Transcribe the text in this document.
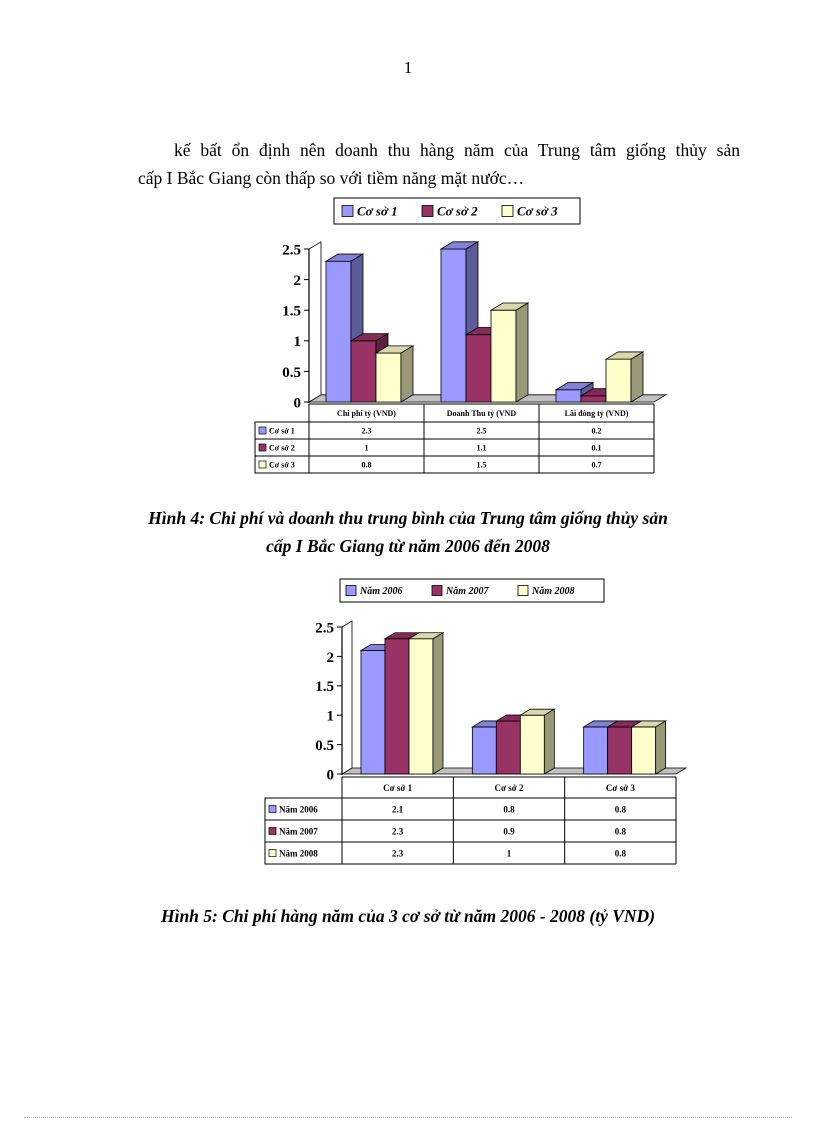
1
kế bất ổn định nên doanh thu hàng năm của Trung tâm giống thủy sản
cấp I Bắc Giang còn thấp so với tiềm năng mặt nước…
Cơ sở 1	Cơ sở 2	Cơ sở 3
0
0.5
1
1.5
2
2.5
Chi phí tỷ (VND)	Doanh Thu tỷ (VND	Lãi đòng tỷ (VND)
Cơ sở 1	2.3	2.5	0.2
Cơ sở 2	1	1.1	0.1
Cơ sở 3	0.8	1.5	0.7
Hình 4: Chi phí và doanh thu trung bình của Trung tâm giống thủy sản
cấp I Bắc Giang từ năm 2006 đến 2008
Năm 2006	Năm 2007	Năm 2008
0
0.5
1
1.5
2
2.5
Cơ sở 1	Cơ sở 2	Cơ sở 3
Năm 2006	2.1	0.8	0.8
Năm 2007	2.3	0.9	0.8
Năm 2008	2.3	1	0.8
Hình 5: Chi phí hàng năm của 3 cơ sở từ năm 2006 - 2008 (tỷ VND)
